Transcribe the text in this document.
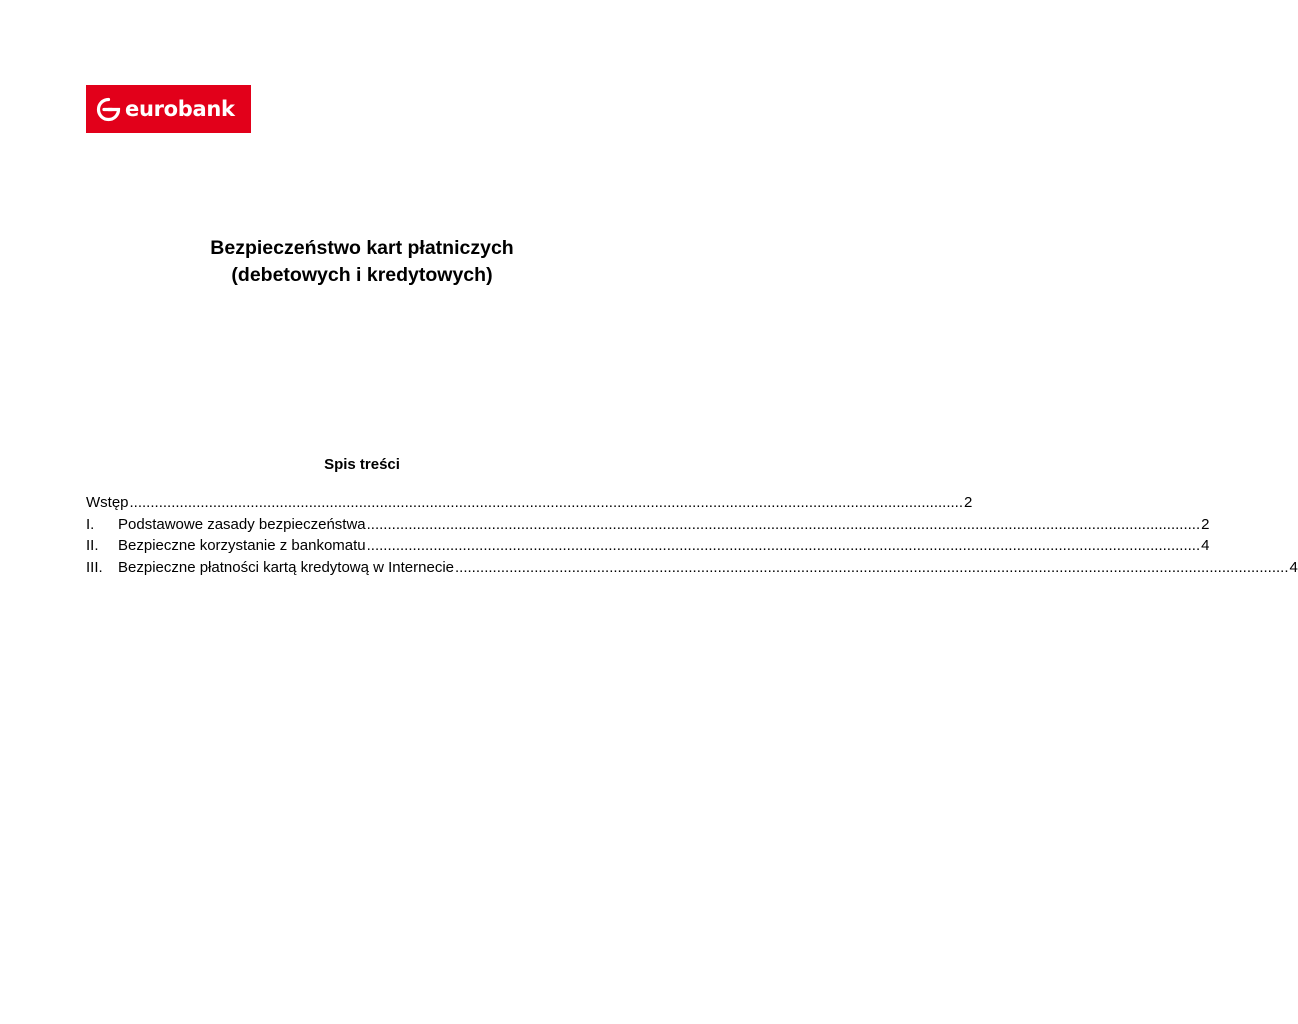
eurobank
Bezpieczeństwo kart płatniczych
(debetowych i kredytowych)
Spis treści
Wstęp ........................................................................................................................................................................................................ 2
I.	Podstawowe zasady bezpieczeństwa ........................................................................................................................................................................................................ 2
II.	Bezpieczne korzystanie z bankomatu ........................................................................................................................................................................................................ 4
III.	Bezpieczne płatności kartą kredytową w Internecie ........................................................................................................................................................................................................ 4
